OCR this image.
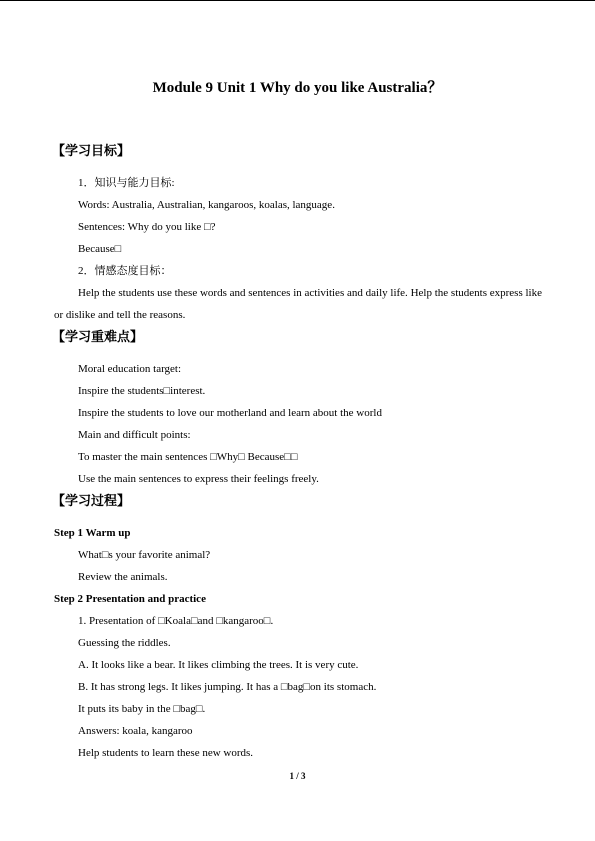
Module 9 Unit 1 Why do you like Australia？
【学习目标】
1．知识与能力目标:
Words: Australia, Australian, kangaroos, koalas, language.
Sentences: Why do you like □?
Because□
2．情感态度目标：
Help the students use these words and sentences in activities and daily life. Help the students express like or dislike and tell the reasons.
【学习重难点】
Moral education target:
Inspire the students□interest.
Inspire the students to love our motherland and learn about the world
Main and difficult points:
To master the main sentences □Why□ Because□□
Use the main sentences to express their feelings freely.
【学习过程】
Step 1 Warm up
What□s your favorite animal?
Review the animals.
Step 2 Presentation and practice
1. Presentation of □Koala□and □kangaroo□.
Guessing the riddles.
A. It looks like a bear. It likes climbing the trees. It is very cute.
B. It has strong legs. It likes jumping. It has a □bag□on its stomach.
It puts its baby in the □bag□.
Answers: koala, kangaroo
Help students to learn these new words.
1 / 3
